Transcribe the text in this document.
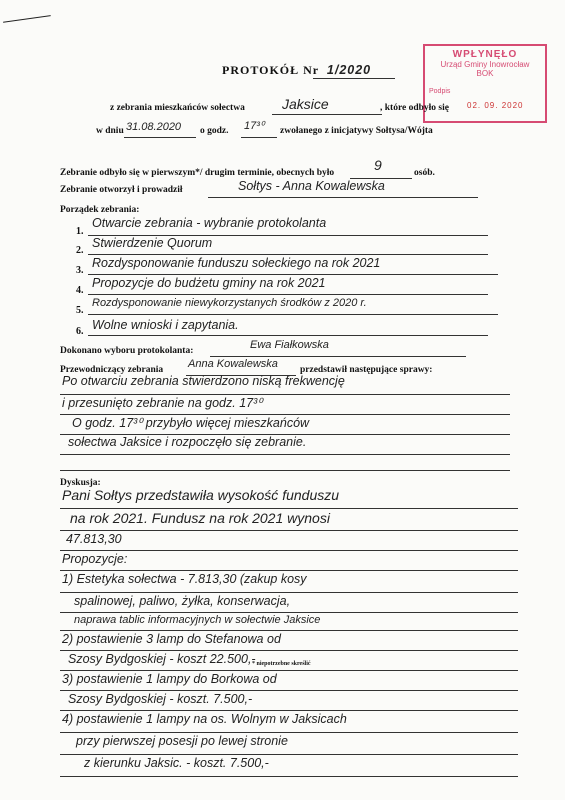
WPŁYNĘŁO
Urząd Gminy Inowrocław
BOK
Podpis
02. 09. 2020
PROTOKÓŁ Nr 1/2020
z zebrania mieszkańców sołectwa	Jaksice	, które odbyło się
w dniu 31.08.2020 o godz. 17³⁰ zwołanego z inicjatywy Sołtysa/Wójta
Zebranie odbyło się w pierwszym*/ drugim terminie, obecnych było	9	osób.
Zebranie otworzył i prowadził	Sołtys - Anna Kowalewska
Porządek zebrania:
1.
Otwarcie zebrania - wybranie protokolanta
2.
Stwierdzenie Quorum
3.
Rozdysponowanie funduszu sołeckiego na rok 2021
4.
Propozycje do budżetu gminy na rok 2021
5.
Rozdysponowanie niewykorzystanych środków z 2020 r.
6. Wolne wnioski i zapytania.
Dokonano wyboru protokolanta:	Ewa Fiałkowska
Przewodniczący zebrania Anna Kowalewska przedstawił następujące sprawy:
Po otwarciu zebrania stwierdzono niską frekwencję
i przesunięto zebranie na godz. 17³⁰
O godz. 17³⁰ przybyło więcej mieszkańców
sołectwa Jaksice i rozpoczęło się zebranie.
Dyskusja:
Pani Sołtys przedstawiła wysokość funduszu
na rok 2021. Fundusz na rok 2021 wynosi
47.813,30
Propozycje:
1) Estetyka sołectwa - 7.813,30 (zakup kosy
spalinowej, paliwo, żyłka, konserwacja,
naprawa tablic informacyjnych w sołectwie Jaksice
2) postawienie 3 lamp do Stefanowa od
Szosy Bydgoskiej - koszt 22.500,-
* niepotrzebne skreślić
3) postawienie 1 lampy do Borkowa od
Szosy Bydgoskiej - koszt. 7.500,-
4) postawienie 1 lampy na os. Wolnym w Jaksicach
przy pierwszej posesji po lewej stronie
z kierunku Jaksic. - koszt. 7.500,-
